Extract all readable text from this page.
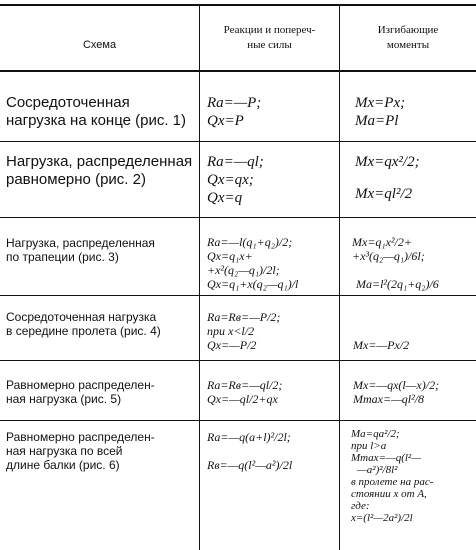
Схема
Реакции и попереч-
ные силы
Изгибающие
моменты
Сосредоточенная
нагрузка на конце (рис. 1)
Rа=—P;
Qx=P
Mx=Px;
Mа=Pl
Нагрузка, распределенная
равномерно (рис. 2)
Rа=—ql;
Qx=qx;
Qx=q
Mx=qx²/2;
Mx=ql²/2
Нагрузка, распределенная
по трапеции (рис. 3)
Rа=—l(q₁+q₂)/2;
Qx=q₁x+
+x²(q₂—q₁)/2l;
Qx=q₁+x(q₂—q₁)/l
Mx=q₁x²/2+
+x³(q₂—q₁)/6l;
Mа=l²(2q₁+q₂)/6
Сосредоточенная нагрузка
в середине пролета (рис. 4)
Rа=Rв=—P/2;
при x<l/2
Qx=—P/2	Mx=—Px/2
Равномерно распределен-
ная нагрузка (рис. 5)
Rа=Rв=—ql/2;
Qx=—ql/2+qx
Mx=—qx(l—x)/2;
Mmax=—ql²/8
Равномерно распределен-
ная нагрузка по всей
длине балки (рис. 6)
Rа=—q(a+l)²/2l;
Rв=—q(l²—a²)/2l
Mа=qa²/2;
при l>a
Mmax=—q(l²—
—a²)²/8l²
в пролете на рас-
стоянии x от A,
где:
x=(l²—2a²)/2l
